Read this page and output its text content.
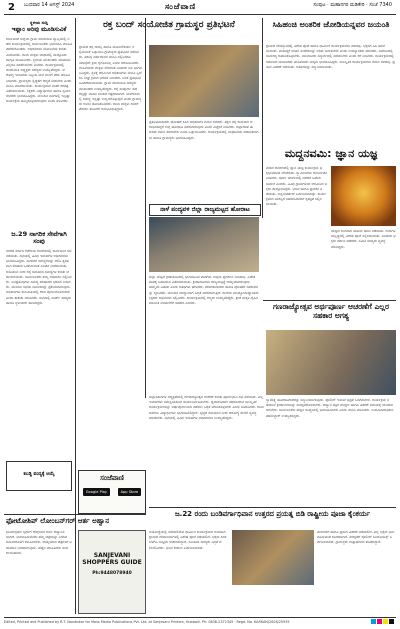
2 ಬುಧವಾರ 14 ಆಗಸ್ಟ್ 2024	ಸಂಜೆವಾಣಿ	ಸಂಪುಟ · ಮಹಾನಗರ ಮಡಿಕೇರಿ · ಸಂಜೆ 7340
ಸ್ಥಳೀಯ ಸುದ್ದಿ
ಇಫ್ಲಾಂ ಅರಿವು ಮೂಡಿಸುವಿಕೆ
ಕರ್ನಾಟಕದ ಜಿಲ್ಲೆಯ ಗ್ರಾಮ ಪಂಚಾಯಿತಿ ವ್ಯಾಪ್ತಿಯಲ್ಲಿ ನಡೆದ ಕಾರ್ಯಕ್ರಮದಲ್ಲಿ ಸಾರ್ವಜನಿಕರು ಭಾಗವಹಿಸಿ ಮಾಹಿತಿ ಪಡೆದುಕೊಂಡರು. ಅಧಿಕಾರಿಗಳು ಯೋಜನೆಯ ಕುರಿತು ವಿವರಿಸಿದರು. ಶಾಲಾ ಮಕ್ಕಳು ಜಾಥಾದಲ್ಲಿ ಪಾಲ್ಗೊಂಡು ಜಾಗೃತಿ ಮೂಡಿಸಿದರು. ಸ್ಥಳೀಯ ಮುಖಂಡರು ಮಾತನಾಡಿ ಎಲ್ಲರೂ ಸಹಕರಿಸಬೇಕು ಎಂದರು. ಕಾರ್ಯಕ್ರಮದಲ್ಲಿ ಪಂಚಾಯಿತಿ ಅಧ್ಯಕ್ಷರು ಸದಸ್ಯರು ಉಪಸ್ಥಿತರಿದ್ದರು. ಆರೋಗ್ಯ ಇಲಾಖೆಯ ಸಿಬ್ಬಂದಿ ಮನೆ ಮನೆಗೆ ತೆರಳಿ ಮಾಹಿತಿ ನೀಡಿದರು. ಗ್ರಾಮಸ್ಥರು ಸ್ವಚ್ಛತೆಗೆ ಆದ್ಯತೆ ನೀಡಬೇಕು ಎಂದು ಮನವಿ ಮಾಡಲಾಯಿತು. ಕಾರ್ಯಕ್ರಮದ ನಂತರ ಕರಪತ್ರ ವಿತರಿಸಲಾಯಿತು. ಶಿಕ್ಷಕರು ವಿದ್ಯಾರ್ಥಿಗಳು ಹಾಗೂ ಸ್ವಯಂ ಸೇವಕರು ಭಾಗವಹಿಸಿದ್ದರು. ಮುಂದಿನ ದಿನಗಳಲ್ಲಿ ಇನ್ನಷ್ಟು ಕಾರ್ಯಕ್ರಮ ಹಮ್ಮಿಕೊಳ್ಳಲಾಗುವುದು ಎಂದು ತಿಳಿಸಿದರು.
ಜ.29 ನಾಗರಿಕ ಸೇವೆಗಾಗಿ ಸಂಪು
ನಗರದ ಸರ್ಕಾರಿ ಕಚೇರಿಯ ಆವರಣದಲ್ಲಿ ಸಾರ್ವಜನಿಕ ಸಭೆ ನಡೆಯಿತು. ಸಭೆಯಲ್ಲಿ ವಿವಿಧ ಇಲಾಖೆಗಳ ಅಧಿಕಾರಿಗಳು ಭಾಗವಹಿಸಿದ್ದರು. ನಾಗರಿಕರ ಸಮಸ್ಯೆಗಳನ್ನು ಆಲಿಸಿ ತ್ವರಿತವಾಗಿ ಪರಿಹಾರ ಒದಗಿಸುವಂತೆ ಸೂಚನೆ ನೀಡಲಾಯಿತು. ಕುಡಿಯುವ ನೀರು ರಸ್ತೆ ಬೀದಿದೀಪ ಸಮಸ್ಯೆಗಳ ಕುರಿತು ಚರ್ಚಿಸಲಾಯಿತು. ಸಾರ್ವಜನಿಕರು ತಮ್ಮ ಅಹವಾಲು ಸಲ್ಲಿಸಿದರು. ಜನಪ್ರತಿನಿಧಿಗಳು ಸಮಸ್ಯೆ ಪರಿಹಾರದ ಭರವಸೆ ನೀಡಿದರು. ಮುಂದಿನ ಸಭೆಯ ದಿನಾಂಕವನ್ನು ಪ್ರಕಟಿಸಲಾಗುವುದು. ಅಧಿಕಾರಿಗಳು ಕಾಲಮಿತಿಯಲ್ಲಿ ಕೆಲಸ ಪೂರ್ಣಗೊಳಿಸಬೇಕು ಎಂದು ತಾಕೀತು ಮಾಡಿದರು. ಸಭೆಯಲ್ಲಿ ವಾರ್ಡ್ ಸದಸ್ಯರು ಹಾಗೂ ಸ್ಥಳೀಯರು ಹಾಜರಿದ್ದರು.
ಕಬಡ್ಡಿ ಪಂದ್ಯಕ್ಕೆ ಆಯ್ಕೆ
ರಕ್ತ ಬಂದ್ ಸಂಯೋಜಿತ ಗ್ರಾಮಸ್ಥರ ಪ್ರತಿಭಟನೆ
ಗ್ರಾಮದ ರಸ್ತೆ ದುರಸ್ತಿ ಹಾಗೂ ಮೂಲಸೌಕರ್ಯ ಕಲ್ಪಿಸುವಂತೆ ಒತ್ತಾಯಿಸಿ ಗ್ರಾಮಸ್ಥರು ಪ್ರತಿಭಟನೆ ನಡೆಸಿದರು. ಹಲವು ವರ್ಷಗಳಿಂದ ಮನವಿ ಸಲ್ಲಿಸಿದರೂ ಯಾವುದೇ ಕ್ರಮ ಕೈಗೊಂಡಿಲ್ಲ ಎಂದು ಆರೋಪಿಸಿದರು. ಮಹಿಳೆಯರು ಮಕ್ಕಳು ಸೇರಿದಂತೆ ನೂರಾರು ಜನ ಭಾಗವಹಿಸಿದ್ದರು. ಸ್ಥಳಕ್ಕೆ ಆಗಮಿಸಿದ ಅಧಿಕಾರಿಗಳು ಮನವಿ ಸ್ವೀಕರಿಸಿ ಶೀಘ್ರ ಕ್ರಮದ ಭರವಸೆ ನೀಡಿದರು. ಬಳಿಕ ಪ್ರತಿಭಟನೆ ಹಿಂಪಡೆಯಲಾಯಿತು. ಗ್ರಾಮ ಪಂಚಾಯಿತಿ ಸದಸ್ಯರು ಮುಖಂಡರು ಉಪಸ್ಥಿತರಿದ್ದರು. ರಸ್ತೆ ಸಂಪೂರ್ಣ ಹದಗೆಟ್ಟಿದ್ದು ವಾಹನ ಸಂಚಾರ ಕಷ್ಟಕರವಾಗಿದೆ. ಮಳೆಗಾಲದಲ್ಲಿ ಸಮಸ್ಯೆ ಇನ್ನಷ್ಟು ಉಲ್ಬಣಗೊಳ್ಳುತ್ತದೆ ಎಂದು ಗ್ರಾಮಸ್ಥರು ಅಳಲು ತೋಡಿಕೊಂಡರು. ಶಾಲಾ ಮಕ್ಕಳು ಶಾಲೆಗೆ ತೆರಳಲು ತೊಂದರೆ ಅನುಭವಿಸುತ್ತಿದ್ದಾರೆ.
ಪ್ರತಿಭಟನಾಕಾರರು ಘೋಷಣೆ ಕೂಗಿ ಅಧಿಕಾರಿಗಳ ಗಮನ ಸೆಳೆದರು. ತಕ್ಷಣ ರಸ್ತೆ ಕಾಮಗಾರಿ ಆರಂಭಿಸದಿದ್ದರೆ ಉಗ್ರ ಹೋರಾಟ ನಡೆಸಲಾಗುವುದು ಎಂದು ಎಚ್ಚರಿಕೆ ನೀಡಿದರು. ಜಿಲ್ಲಾಡಳಿತ ಈ ಕುರಿತು ಗಮನ ಹರಿಸಬೇಕು ಎಂದು ಒತ್ತಾಯಿಸಿದರು. ಕಾರ್ಯಕ್ರಮದಲ್ಲಿ ಸಂಘಟನೆಯ ಪದಾಧಿಕಾರಿಗಳು ಹಾಗೂ ಗ್ರಾಮಸ್ಥರು ಭಾಗವಹಿಸಿದ್ದರು.
ನಾಳೆ ಪಂದ್ಯವಳಿ ಜಿಲ್ಲಾ ರಾಜ್ಯಮಟ್ಟದ ಹೋರಾಟ
ಜಿಲ್ಲಾ ಮಟ್ಟದ ಕ್ರೀಡಾಕೂಟದಲ್ಲಿ ಭಾಗವಹಿಸಿದ ತಂಡಗಳು ಉತ್ತಮ ಪ್ರದರ್ಶನ ನೀಡಿದವು. ವಿಜೇತ ತಂಡಕ್ಕೆ ಬಹುಮಾನ ವಿತರಿಸಲಾಯಿತು. ಕ್ರೀಡಾಪಟುಗಳು ರಾಜ್ಯಮಟ್ಟಕ್ಕೆ ಆಯ್ಕೆಯಾಗಿರುವುದು ಹೆಮ್ಮೆಯ ವಿಷಯ ಎಂದು ಅತಿಥಿಗಳು ಹೇಳಿದರು. ತರಬೇತುದಾರರು ಹಾಗೂ ಪೋಷಕರ ಸಹಕಾರವನ್ನು ಸ್ಮರಿಸಿದರು. ಮುಂದಿನ ಪಂದ್ಯಾವಳಿಗೆ ಸಿದ್ಧತೆ ನಡೆಸಲಾಗುತ್ತಿದೆ. ಶಾಲೆಯ ಮುಖ್ಯೋಪಾಧ್ಯಾಯರು ಶಿಕ್ಷಕರು ಅಭಿನಂದನೆ ಸಲ್ಲಿಸಿದರು. ಕಾರ್ಯಕ್ರಮದಲ್ಲಿ ಗಣ್ಯರು ಉಪಸ್ಥಿತರಿದ್ದರು. ಕ್ರೀಡೆ ಮಕ್ಕಳ ದೈಹಿಕ ಮಾನಸಿಕ ಬೆಳವಣಿಗೆಗೆ ಸಹಕಾರಿ ಎಂದರು.
ಸಿಹಿಹಂಚಿ ಅಂತರಿಕ ಜೋಡಿಯನ್ನವರ ಜಯಂತಿ
ಗ್ರಾಮದ ದೇವಸ್ಥಾನದಲ್ಲಿ ವಿಶೇಷ ಪೂಜೆ ಹಾಗೂ ಧಾರ್ಮಿಕ ಕಾರ್ಯಕ್ರಮಗಳು ನಡೆದವು. ಭಕ್ತರಿಗೆ ಸಿಹಿ ಹಂಚಲಾಯಿತು. ಮಹಾತ್ಮರ ಜೀವನ ಸಂದೇಶವನ್ನು ಅರಿತು ಬದುಕಬೇಕು ಎಂದು ಉಪನ್ಯಾಸಕರು ಹೇಳಿದರು. ಸಮಾಜದಲ್ಲಿ ಸಾಮರಸ್ಯ ಕಾಪಾಡಿಕೊಳ್ಳಬೇಕು. ಯುವಜನರು ಸನ್ಮಾರ್ಗದಲ್ಲಿ ನಡೆಯಬೇಕು ಎಂದು ಕರೆ ನೀಡಿದರು. ಕಾರ್ಯಕ್ರಮದಲ್ಲಿ ಸಮಾಜದ ಮುಖಂಡರು ಮಹಿಳೆಯರು ಮಕ್ಕಳು ಭಾಗವಹಿಸಿದ್ದರು. ಸಾಂಸ್ಕೃತಿಕ ಕಾರ್ಯಕ್ರಮಗಳು ಗಮನ ಸೆಳೆದವು. ಪ್ರಸಾದ ವಿತರಣೆ ನಡೆಯಿತು. ಅತಿಥಿಗಳನ್ನು ಸನ್ಮಾನಿಸಲಾಯಿತು.
ಮದ್ದನವಮಿ: ಜ್ಞಾನ ಯಜ್ಞ
ಮಠದ ಆವರಣದಲ್ಲಿ ಜ್ಞಾನ ಯಜ್ಞ ಕಾರ್ಯಕ್ರಮ ಭಕ್ತಿಭಾವದಿಂದ ನೆರವೇರಿತು. ಸ್ವಾಮೀಜಿಗಳು ಆಶೀರ್ವಚನ ನೀಡಿದರು. ಧರ್ಮ ಮಾರ್ಗದಲ್ಲಿ ನಡೆದರೆ ಬದುಕು ಸಾರ್ಥಕ ಎಂದರು. ವಿವಿಧ ಗ್ರಾಮಗಳಿಂದ ಆಗಮಿಸಿದ ಭಕ್ತರು ಪಾಲ್ಗೊಂಡಿದ್ದರು. ಭಜನೆ ಹಾಗೂ ಪ್ರವಚನ ನಡೆಯಿತು. ಅನ್ನಸಂತರ್ಪಣೆ ಏರ್ಪಡಿಸಲಾಗಿತ್ತು. ಕಾರ್ಯಕ್ರಮದ ಯಶಸ್ಸಿಗೆ ಸಹಕರಿಸಿದವರಿಗೆ ಕೃತಜ್ಞತೆ ಸಲ್ಲಿಸಲಾಯಿತು.
ಯಜ್ಞದ ಅಂಗವಾಗಿ ಹೋಮ ಹವನ ನಡೆಯಿತು. ಗುರುಗಳ ಸಾನ್ನಿಧ್ಯದಲ್ಲಿ ವಿಶೇಷ ಪೂಜೆ ಸಲ್ಲಿಸಲಾಯಿತು. ನೂರಾರು ಭಕ್ತರು ದರ್ಶನ ಪಡೆದರು. ಸಮಿತಿ ಸದಸ್ಯರು ವ್ಯವಸ್ಥೆ ಮಾಡಿದ್ದರು.
ಗಣರಾಜ್ಯೋತ್ಸವ ಅರ್ಥಪೂರ್ಣ ಆಚರಣೆಗೆ ಎಲ್ಲರ ಸಹಕಾರ ಅಗತ್ಯ
ಜಿಲ್ಲಾಧಿಕಾರಿಗಳ ಅಧ್ಯಕ್ಷತೆಯಲ್ಲಿ ಗಣರಾಜ್ಯೋತ್ಸವ ಆಚರಣೆ ಕುರಿತು ಪೂರ್ವಭಾವಿ ಸಭೆ ನಡೆಯಿತು. ಎಲ್ಲ ಇಲಾಖೆಗಳು ಸಮನ್ವಯದಿಂದ ಕಾರ್ಯನಿರ್ವಹಿಸಬೇಕು. ಧ್ವಜಾರೋಹಣ ಪಥಸಂಚಲನ ಸಾಂಸ್ಕೃತಿಕ ಕಾರ್ಯಕ್ರಮಗಳನ್ನು ಅರ್ಥಪೂರ್ಣವಾಗಿ ನಡೆಸಲು ಸಿದ್ಧತೆ ಮಾಡಿಕೊಳ್ಳಬೇಕು ಎಂದು ಸೂಚಿಸಿದರು. ಶಾಲಾ ಕಾಲೇಜು ವಿದ್ಯಾರ್ಥಿಗಳು ಭಾಗವಹಿಸಲಿದ್ದಾರೆ. ಸ್ವಚ್ಛತೆ ಕುಡಿಯುವ ನೀರು ಆರೋಗ್ಯ ಸೇವೆಗೆ ವ್ಯವಸ್ಥೆ ಮಾಡಬೇಕು. ಸಭೆಯಲ್ಲಿ ವಿವಿಧ ಇಲಾಖೆಗಳ ಅಧಿಕಾರಿಗಳು ಉಪಸ್ಥಿತರಿದ್ದರು.
ಸ್ವಾತಂತ್ರ್ಯ ಹೋರಾಟಗಾರರನ್ನು ಸನ್ಮಾನಿಸಲಾಗುವುದು. ಪೊಲೀಸ್ ಇಲಾಖೆ ಭದ್ರತೆ ಒದಗಿಸಬೇಕು. ಕಾರ್ಯಕ್ರಮ ನಡೆಯುವ ಕ್ರೀಡಾಂಗಣವನ್ನು ಸುಸಜ್ಜಿತಗೊಳಿಸಬೇಕು. ಆಹ್ವಾನ ಪತ್ರಿಕೆ ಮುದ್ರಣ ಹಾಗೂ ವಿತರಣೆ ಸಮಯಕ್ಕೆ ಸರಿಯಾಗಿ ಆಗಬೇಕು. ಸಾರ್ವಜನಿಕರು ಹೆಚ್ಚಿನ ಸಂಖ್ಯೆಯಲ್ಲಿ ಭಾಗವಹಿಸಬೇಕು ಎಂದು ಮನವಿ ಮಾಡಿದರು. ಉಪವಿಭಾಗಾಧಿಕಾರಿ ತಹಶೀಲ್ದಾರ್ ಉಪಸ್ಥಿತರಿದ್ದರು.
ಜ.22 ರಂದು ಬಂಡಿವರ್ಗಾಧಿವಾನ ಉತ್ತರದ ಪ್ರಯತ್ನ ಬಿಡಿ ರಾಷ್ಟ್ರೀಯ ಪೂಜಾ ಕೈಂಕರ್ಯ
ಅಯೋಧ್ಯೆಯಲ್ಲಿ ನಡೆಯಲಿರುವ ಧಾರ್ಮಿಕ ಕಾರ್ಯಕ್ರಮದ ಅಂಗವಾಗಿ ಗ್ರಾಮದ ದೇವಾಲಯಗಳಲ್ಲಿ ವಿಶೇಷ ಪೂಜೆ ನಡೆಯಲಿದೆ. ಭಕ್ತರು ದೀಪ ಬೆಳಗಿಸಿ ಸಂಭ್ರಮ ಆಚರಿಸಲಿದ್ದಾರೆ. ಸಮಿತಿಯ ಸದಸ್ಯರು ಸಿದ್ಧತೆ ಪರಿಶೀಲಿಸಿದರು. ಭಜನೆ ಕೀರ್ತನೆ ಏರ್ಪಡಿಸಲಾಗಿದೆ.
ಮೆರವಣಿಗೆ ಹಾಗೂ ಪ್ರಸಾದ ವಿತರಣೆ ನಡೆಯಲಿದೆ. ಎಲ್ಲ ಭಕ್ತರು ಭಾಗವಹಿಸುವಂತೆ ಕೋರಲಾಗಿದೆ. ಸುರಕ್ಷತೆಗೆ ಪೊಲೀಸ್ ಬಂದೋಬಸ್ತ್ ಏರ್ಪಡಿಸಲಾಗಿದೆ. ಗ್ರಾಮಸ್ಥರು ಉತ್ಸಾಹದಿಂದ ತೊಡಗಿದ್ದಾರೆ.
ಸಂಜೆವಾಣಿ
Google Play	App Store
ಫೋಟೋಶಿಪ್ ಲೋಂಬನ್‌ಗರ್ ಆರ್ತ ಅಹ್ವಾನ
ಛಾಯಾಗ್ರಹಣ ಸ್ಪರ್ಧೆಗೆ ಆಸಕ್ತರಿಂದ ಅರ್ಜಿ ಆಹ್ವಾನಿಸಲಾಗಿದೆ. ಭಾಗವಹಿಸುವವರು ತಮ್ಮ ಚಿತ್ರಗಳನ್ನು ನಿಗದಿತ ದಿನಾಂಕದೊಳಗೆ ಕಳುಹಿಸಬೇಕು. ಆಯ್ಕೆಯಾದ ಚಿತ್ರಗಳಿಗೆ ಬಹುಮಾನ ನೀಡಲಾಗುವುದು. ಹೆಚ್ಚಿನ ಮಾಹಿತಿಗಾಗಿ ಸಂಪರ್ಕಿಸಬಹುದು.	SANJEVANI SHOPPERS GUIDE
Ph:9448078940
Edited, Printed and Published by R.T. Nandiskar for Mass Media Publications Pvt. Ltd. at Sanjevani Printers, Hubballi. Ph: 0836-2372345 · Regd. No. KARKAN/2008/25935
